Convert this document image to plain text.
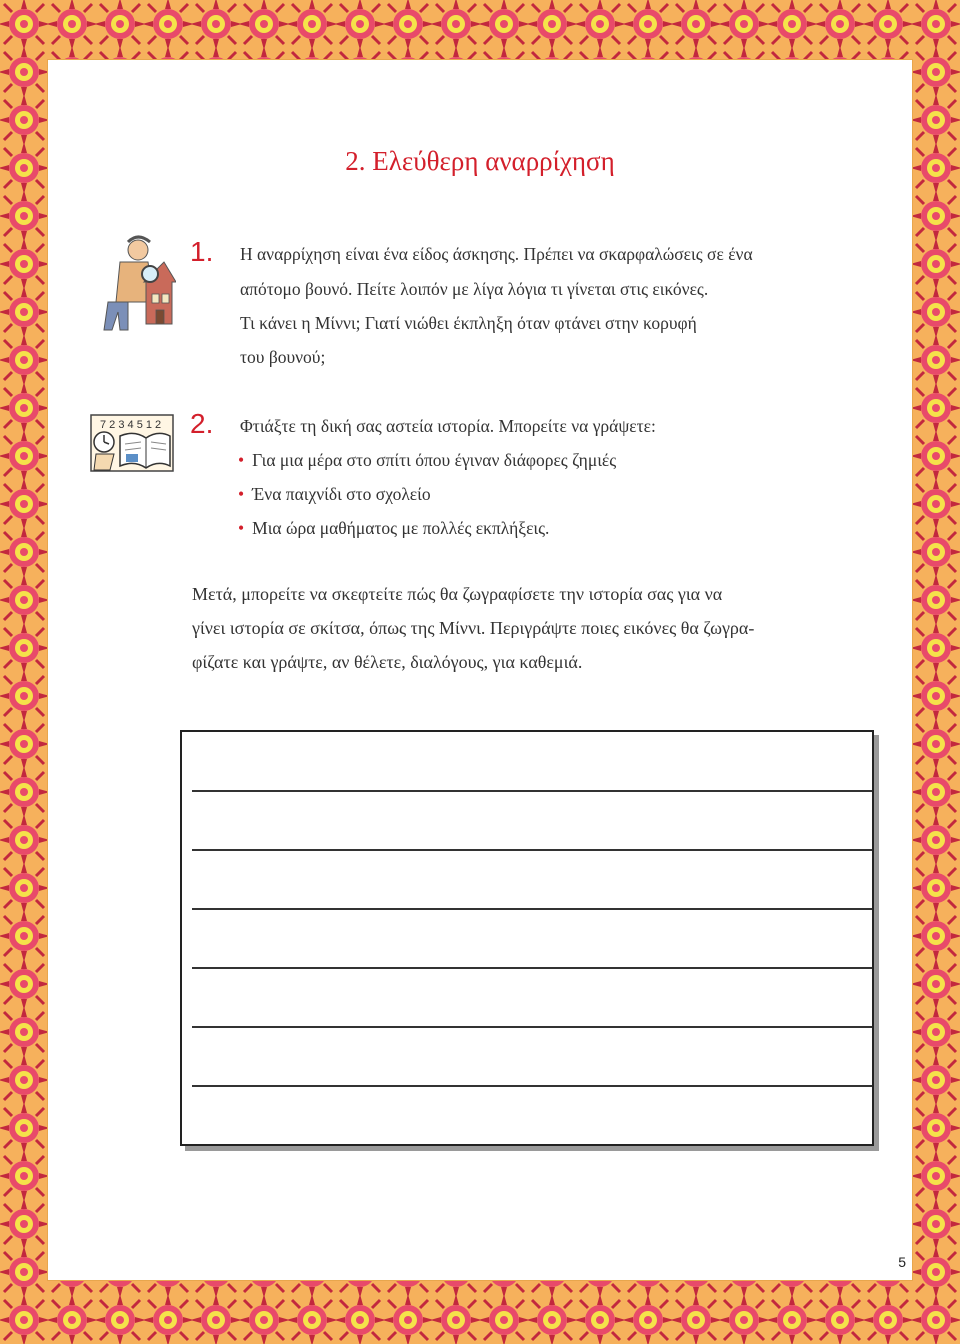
2. Ελεύθερη αναρρίχηση
1. Η αναρρίχηση είναι ένα είδος άσκησης. Πρέπει να σκαρφαλώσεις σε ένα
απότομο βουνό. Πείτε λοιπόν με λίγα λόγια τι γίνεται στις εικόνες.
Τι κάνει η Μίννι; Γιατί νιώθει έκπληξη όταν φτάνει στην κορυφή
του βουνού;
7 2 3 4 5 1 2 2. Φτιάξτε τη δική σας αστεία ιστορία. Μπορείτε να γράψετε:
• Για μια μέρα στο σπίτι όπου έγιναν διάφορες ζημιές
• Ένα παιχνίδι στο σχολείο
• Μια ώρα μαθήματος με πολλές εκπλήξεις.
Μετά, μπορείτε να σκεφτείτε πώς θα ζωγραφίσετε την ιστορία σας για να
γίνει ιστορία σε σκίτσα, όπως της Μίννι. Περιγράψτε ποιες εικόνες θα ζωγρα-
φίζατε και γράψτε, αν θέλετε, διαλόγους, για καθεμιά.
5
